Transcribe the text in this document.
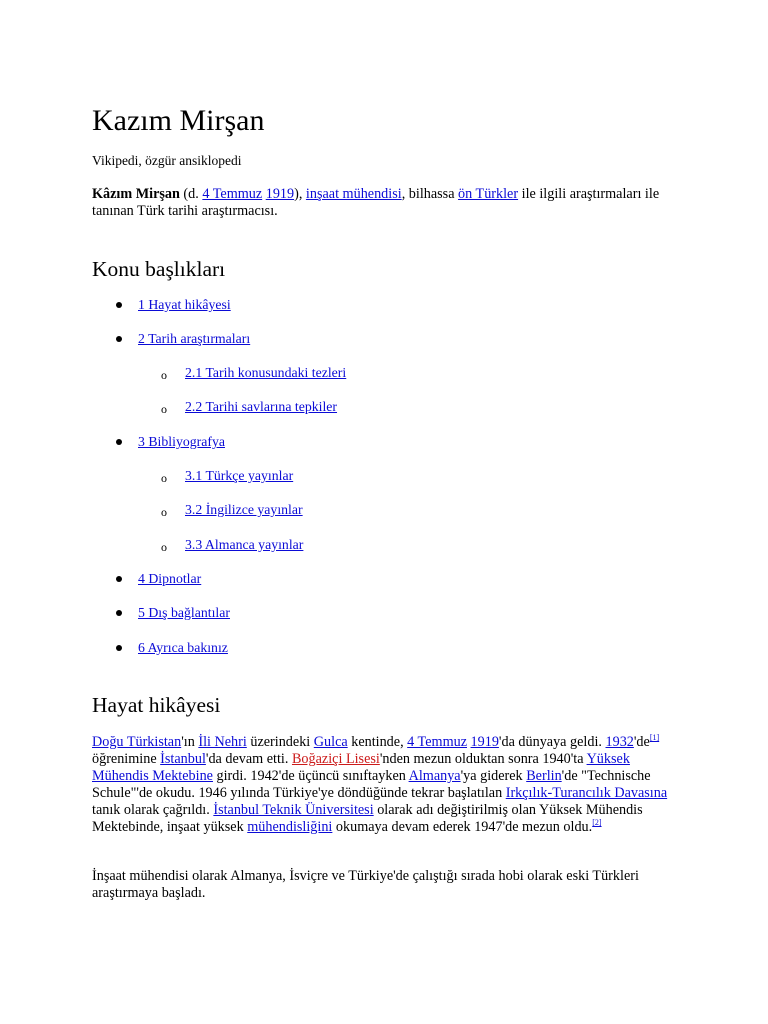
Kazım Mirşan
Vikipedi, özgür ansiklopedi
Kâzım Mirşan (d. 4 Temmuz 1919), inşaat mühendisi, bilhassa ön Türkler ile ilgili araştırmaları ile tanınan Türk tarihi araştırmacısı.
Konu başlıkları
1 Hayat hikâyesi
2 Tarih araştırmaları
o 2.1 Tarih konusundaki tezleri
o 2.2 Tarihi savlarına tepkiler
3 Bibliyografya
o 3.1 Türkçe yayınlar
o 3.2 İngilizce yayınlar
o 3.3 Almanca yayınlar
4 Dipnotlar
5 Dış bağlantılar
6 Ayrıca bakınız
Hayat hikâyesi
Doğu Türkistan'ın İli Nehri üzerindeki Gulca kentinde, 4 Temmuz 1919'da dünyaya geldi. 1932'de[1] öğrenimine İstanbul'da devam etti. Boğaziçi Lisesi'nden mezun olduktan sonra 1940'ta Yüksek Mühendis Mektebine girdi. 1942'de üçüncü sınıftayken Almanya'ya giderek Berlin'de "Technische Schule"'de okudu. 1946 yılında Türkiye'ye döndüğünde tekrar başlatılan Irkçılık-Turancılık Davasına tanık olarak çağrıldı. İstanbul Teknik Üniversitesi olarak adı değiştirilmiş olan Yüksek Mühendis Mektebinde, inşaat yüksek mühendisliğini okumaya devam ederek 1947'de mezun oldu.[2]
İnşaat mühendisi olarak Almanya, İsviçre ve Türkiye'de çalıştığı sırada hobi olarak eski Türkleri araştırmaya başladı.
